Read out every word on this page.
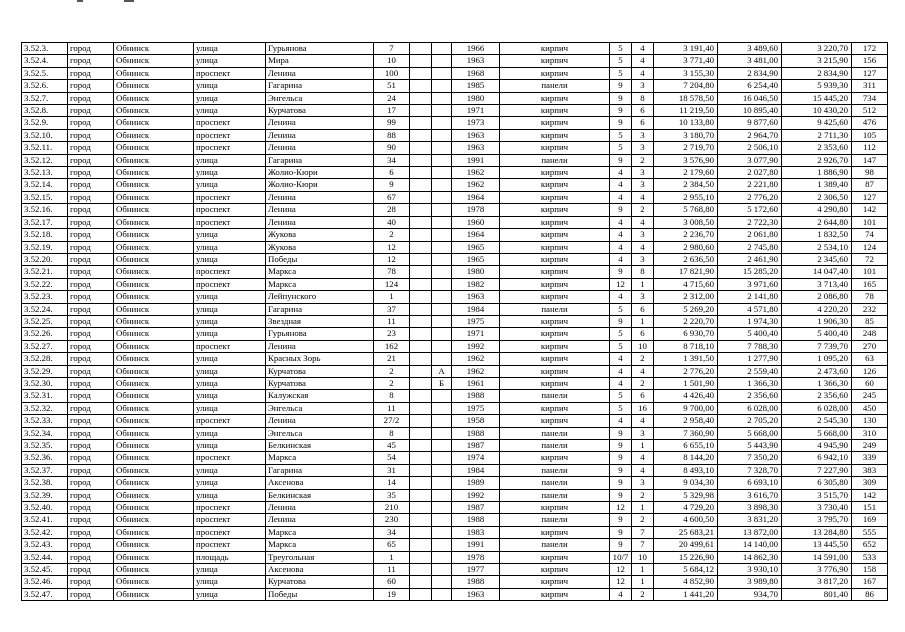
3.52.3.	город	Обнинск	улица	Гурьянова	7			1966	кирпич	5	4	3 191,40	3 489,60	3 220,70	172
3.52.4.	город	Обнинск	улица	Мира	10			1963	кирпич	5	4	3 771,40	3 481,00	3 215,90	156
3.52.5.	город	Обнинск	проспект	Ленина	100			1968	кирпич	5	4	3 155,30	2 834,90	2 834,90	127
3.52.6.	город	Обнинск	улица	Гагарина	51			1985	панели	9	3	7 204,80	6 254,40	5 939,30	311
3.52.7.	город	Обнинск	улица	Энгельса	24			1980	кирпич	9	8	18 578,50	16 046,50	15 445,20	734
3.52.8.	город	Обнинск	улица	Курчатова	17			1971	кирпич	9	6	11 219,50	10 895,40	10 430,20	512
3.52.9.	город	Обнинск	проспект	Ленина	99			1973	кирпич	9	6	10 133,80	9 877,60	9 425,60	476
3.52.10.	город	Обнинск	проспект	Ленина	88			1963	кирпич	5	3	3 180,70	2 964,70	2 711,30	105
3.52.11.	город	Обнинск	проспект	Ленина	90			1963	кирпич	5	3	2 719,70	2 506,10	2 353,60	112
3.52.12.	город	Обнинск	улица	Гагарина	34			1991	панели	9	2	3 576,90	3 077,90	2 926,70	147
3.52.13.	город	Обнинск	улица	Жолио-Кюри	6			1962	кирпич	4	3	2 179,60	2 027,80	1 886,90	98
3.52.14.	город	Обнинск	улица	Жолио-Кюри	9			1962	кирпич	4	3	2 384,50	2 221,80	1 389,40	87
3.52.15.	город	Обнинск	проспект	Ленина	67			1964	кирпич	4	4	2 955,10	2 776,20	2 306,50	127
3.52.16.	город	Обнинск	проспект	Ленина	28			1978	кирпич	9	2	5 768,80	5 172,60	4 290,80	142
3.52.17.	город	Обнинск	проспект	Ленина	40			1960	кирпич	4	4	3 008,50	2 722,30	2 644,80	101
3.52.18.	город	Обнинск	улица	Жукова	2			1964	кирпич	4	3	2 236,70	2 061,80	1 832,50	74
3.52.19.	город	Обнинск	улица	Жукова	12			1965	кирпич	4	4	2 980,60	2 745,80	2 534,10	124
3.52.20.	город	Обнинск	улица	Победы	12			1965	кирпич	4	3	2 636,50	2 461,90	2 345,60	72
3.52.21.	город	Обнинск	проспект	Маркса	78			1980	кирпич	9	8	17 821,90	15 285,20	14 047,40	101
3.52.22.	город	Обнинск	проспект	Маркса	124			1982	кирпич	12	1	4 715,60	3 971,60	3 713,40	165
3.52.23.	город	Обнинск	улица	Лейпунского	1			1963	кирпич	4	3	2 312,00	2 141,80	2 086,80	78
3.52.24.	город	Обнинск	улица	Гагарина	37			1984	панели	5	6	5 269,20	4 571,80	4 220,20	232
3.52.25.	город	Обнинск	улица	Звездная	11			1975	кирпич	9	1	2 220,70	1 974,30	1 906,30	85
3.52.26.	город	Обнинск	улица	Гурьянова	23			1971	кирпич	5	6	6 930,70	5 400,40	5 400,40	248
3.52.27.	город	Обнинск	проспект	Ленина	162			1992	кирпич	5	10	8 718,10	7 788,30	7 739,70	270
3.52.28.	город	Обнинск	улица	Красных Зорь	21			1962	кирпич	4	2	1 391,50	1 277,90	1 095,20	63
3.52.29.	город	Обнинск	улица	Курчатова	2		А	1962	кирпич	4	4	2 776,20	2 559,40	2 473,60	126
3.52.30.	город	Обнинск	улица	Курчатова	2		Б	1961	кирпич	4	2	1 501,90	1 366,30	1 366,30	60
3.52.31.	город	Обнинск	улица	Калужская	8			1988	панели	5	6	4 426,40	2 356,60	2 356,60	245
3.52.32.	город	Обнинск	улица	Энгельса	11			1975	кирпич	5	16	9 700,00	6 028,00	6 028,00	450
3.52.33.	город	Обнинск	проспект	Ленина	27/2			1958	кирпич	4	4	2 958,40	2 705,20	2 545,30	130
3.52.34.	город	Обнинск	улица	Энгельса	8			1988	панели	9	3	7 360,90	5 668,00	5 668,00	310
3.52.35.	город	Обнинск	улица	Белкинская	45			1987	панели	9	1	6 655,10	5 443,90	4 945,90	249
3.52.36.	город	Обнинск	проспект	Маркса	54			1974	кирпич	9	4	8 144,20	7 350,20	6 942,10	339
3.52.37.	город	Обнинск	улица	Гагарина	31			1984	панели	9	4	8 493,10	7 328,70	7 227,90	383
3.52.38.	город	Обнинск	улица	Аксенова	14			1989	панели	9	3	9 034,30	6 693,10	6 305,80	309
3.52.39.	город	Обнинск	улица	Белкинская	35			1992	панели	9	2	5 329,98	3 616,70	3 515,70	142
3.52.40.	город	Обнинск	проспект	Ленина	210			1987	кирпич	12	1	4 729,20	3 898,30	3 730,40	151
3.52.41.	город	Обнинск	проспект	Ленина	230			1988	панели	9	2	4 600,50	3 831,20	3 795,70	169
3.52.42.	город	Обнинск	проспект	Маркса	34			1983	кирпич	9	7	25 683,21	13 872,00	13 284,80	555
3.52.43.	город	Обнинск	проспект	Маркса	65			1991	панели	9	7	20 499,61	14 140,00	13 445,50	652
3.52.44.	город	Обнинск	площадь	Треугольная	1			1978	кирпич	10/7	10	15 226,90	14 862,30	14 591,00	533
3.52.45.	город	Обнинск	улица	Аксенова	11			1977	кирпич	12	1	5 684,12	3 930,10	3 776,90	158
3.52.46.	город	Обнинск	улица	Курчатова	60			1988	кирпич	12	1	4 852,90	3 989,80	3 817,20	167
3.52.47.	город	Обнинск	улица	Победы	19			1963	кирпич	4	2	1 441,20	934,70	801,40	86
